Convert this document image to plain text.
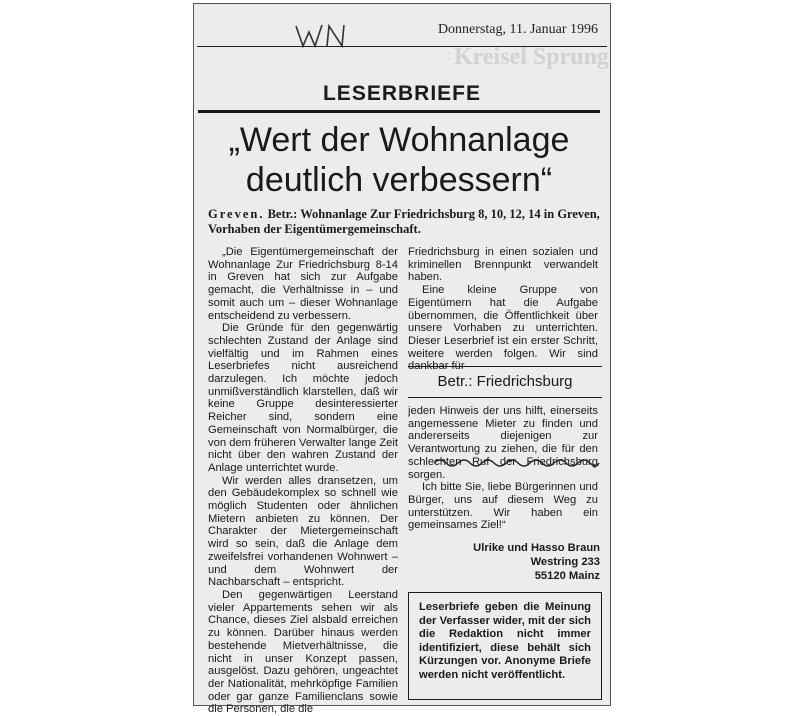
Donnerstag, 11. Januar 1996
Kreisel Sprung
LESERBRIEFE
„Wert der Wohnanlage
deutlich verbessern“
Greven. Betr.: Wohnanlage Zur Friedrichsburg 8, 10, 12, 14 in Greven, Vorhaben der Eigentümergemeinschaft.

„Die Eigentümergemeinschaft der Wohnanlage Zur Friedrichsburg 8-14 in Greven hat sich zur Aufgabe gemacht, die Verhältnisse in – und somit auch um – dieser Wohnanlage entscheidend zu verbessern.

Die Gründe für den gegenwärtig schlechten Zustand der Anlage sind vielfältig und im Rahmen eines Leserbriefes nicht ausreichend darzulegen. Ich möchte jedoch unmißverständlich klarstellen, daß wir keine Gruppe desinteressierter Reicher sind, sondern eine Gemeinschaft von Normalbürger, die von dem früheren Verwalter lange Zeit nicht über den wahren Zustand der Anlage unterrichtet wurde.

Wir werden alles dransetzen, um den Gebäudekomplex so schnell wie möglich Studenten oder ähnlichen Mietern anbieten zu können. Der Charakter der Mietergemeinschaft wird so sein, daß die Anlage dem zweifelsfrei vorhandenen Wohnwert – und dem Wohnwert der Nachbarschaft – entspricht.

Den gegenwärtigen Leerstand vieler Appartements sehen wir als Chance, dieses Ziel alsbald erreichen zu können. Darüber hinaus werden bestehende Mietverhältnisse, die nicht in unser Konzept passen, ausgelöst. Dazu gehören, ungeachtet der Nationalität, mehrköpfige Familien oder gar ganze Familienclans sowie die Personen, die die

Friedrichsburg in einen sozialen und kriminellen Brennpunkt verwandelt haben.

Eine kleine Gruppe von Eigentümern hat die Aufgabe übernommen, die Öffentlichkeit über unsere Vorhaben zu unterrichten. Dieser Leserbrief ist ein erster Schritt, weitere werden folgen. Wir sind dankbar für

Betr.: Friedrichsburg

jeden Hinweis der uns hilft, einerseits angemessene Mieter zu finden und andererseits diejenigen zur Verantwortung zu ziehen, die für den schlechten Ruf der Friedrichsburg sorgen.

Ich bitte Sie, liebe Bürgerinnen und Bürger, uns auf diesem Weg zu unterstützen. Wir haben ein gemeinsames Ziel!“

Ulrike und Hasso Braun
Westring 233
55120 Mainz
Leserbriefe geben die Meinung der Verfasser wider, mit der sich die Redaktion nicht immer identifiziert, diese behält sich Kürzungen vor. Anonyme Briefe werden nicht veröffentlicht.
